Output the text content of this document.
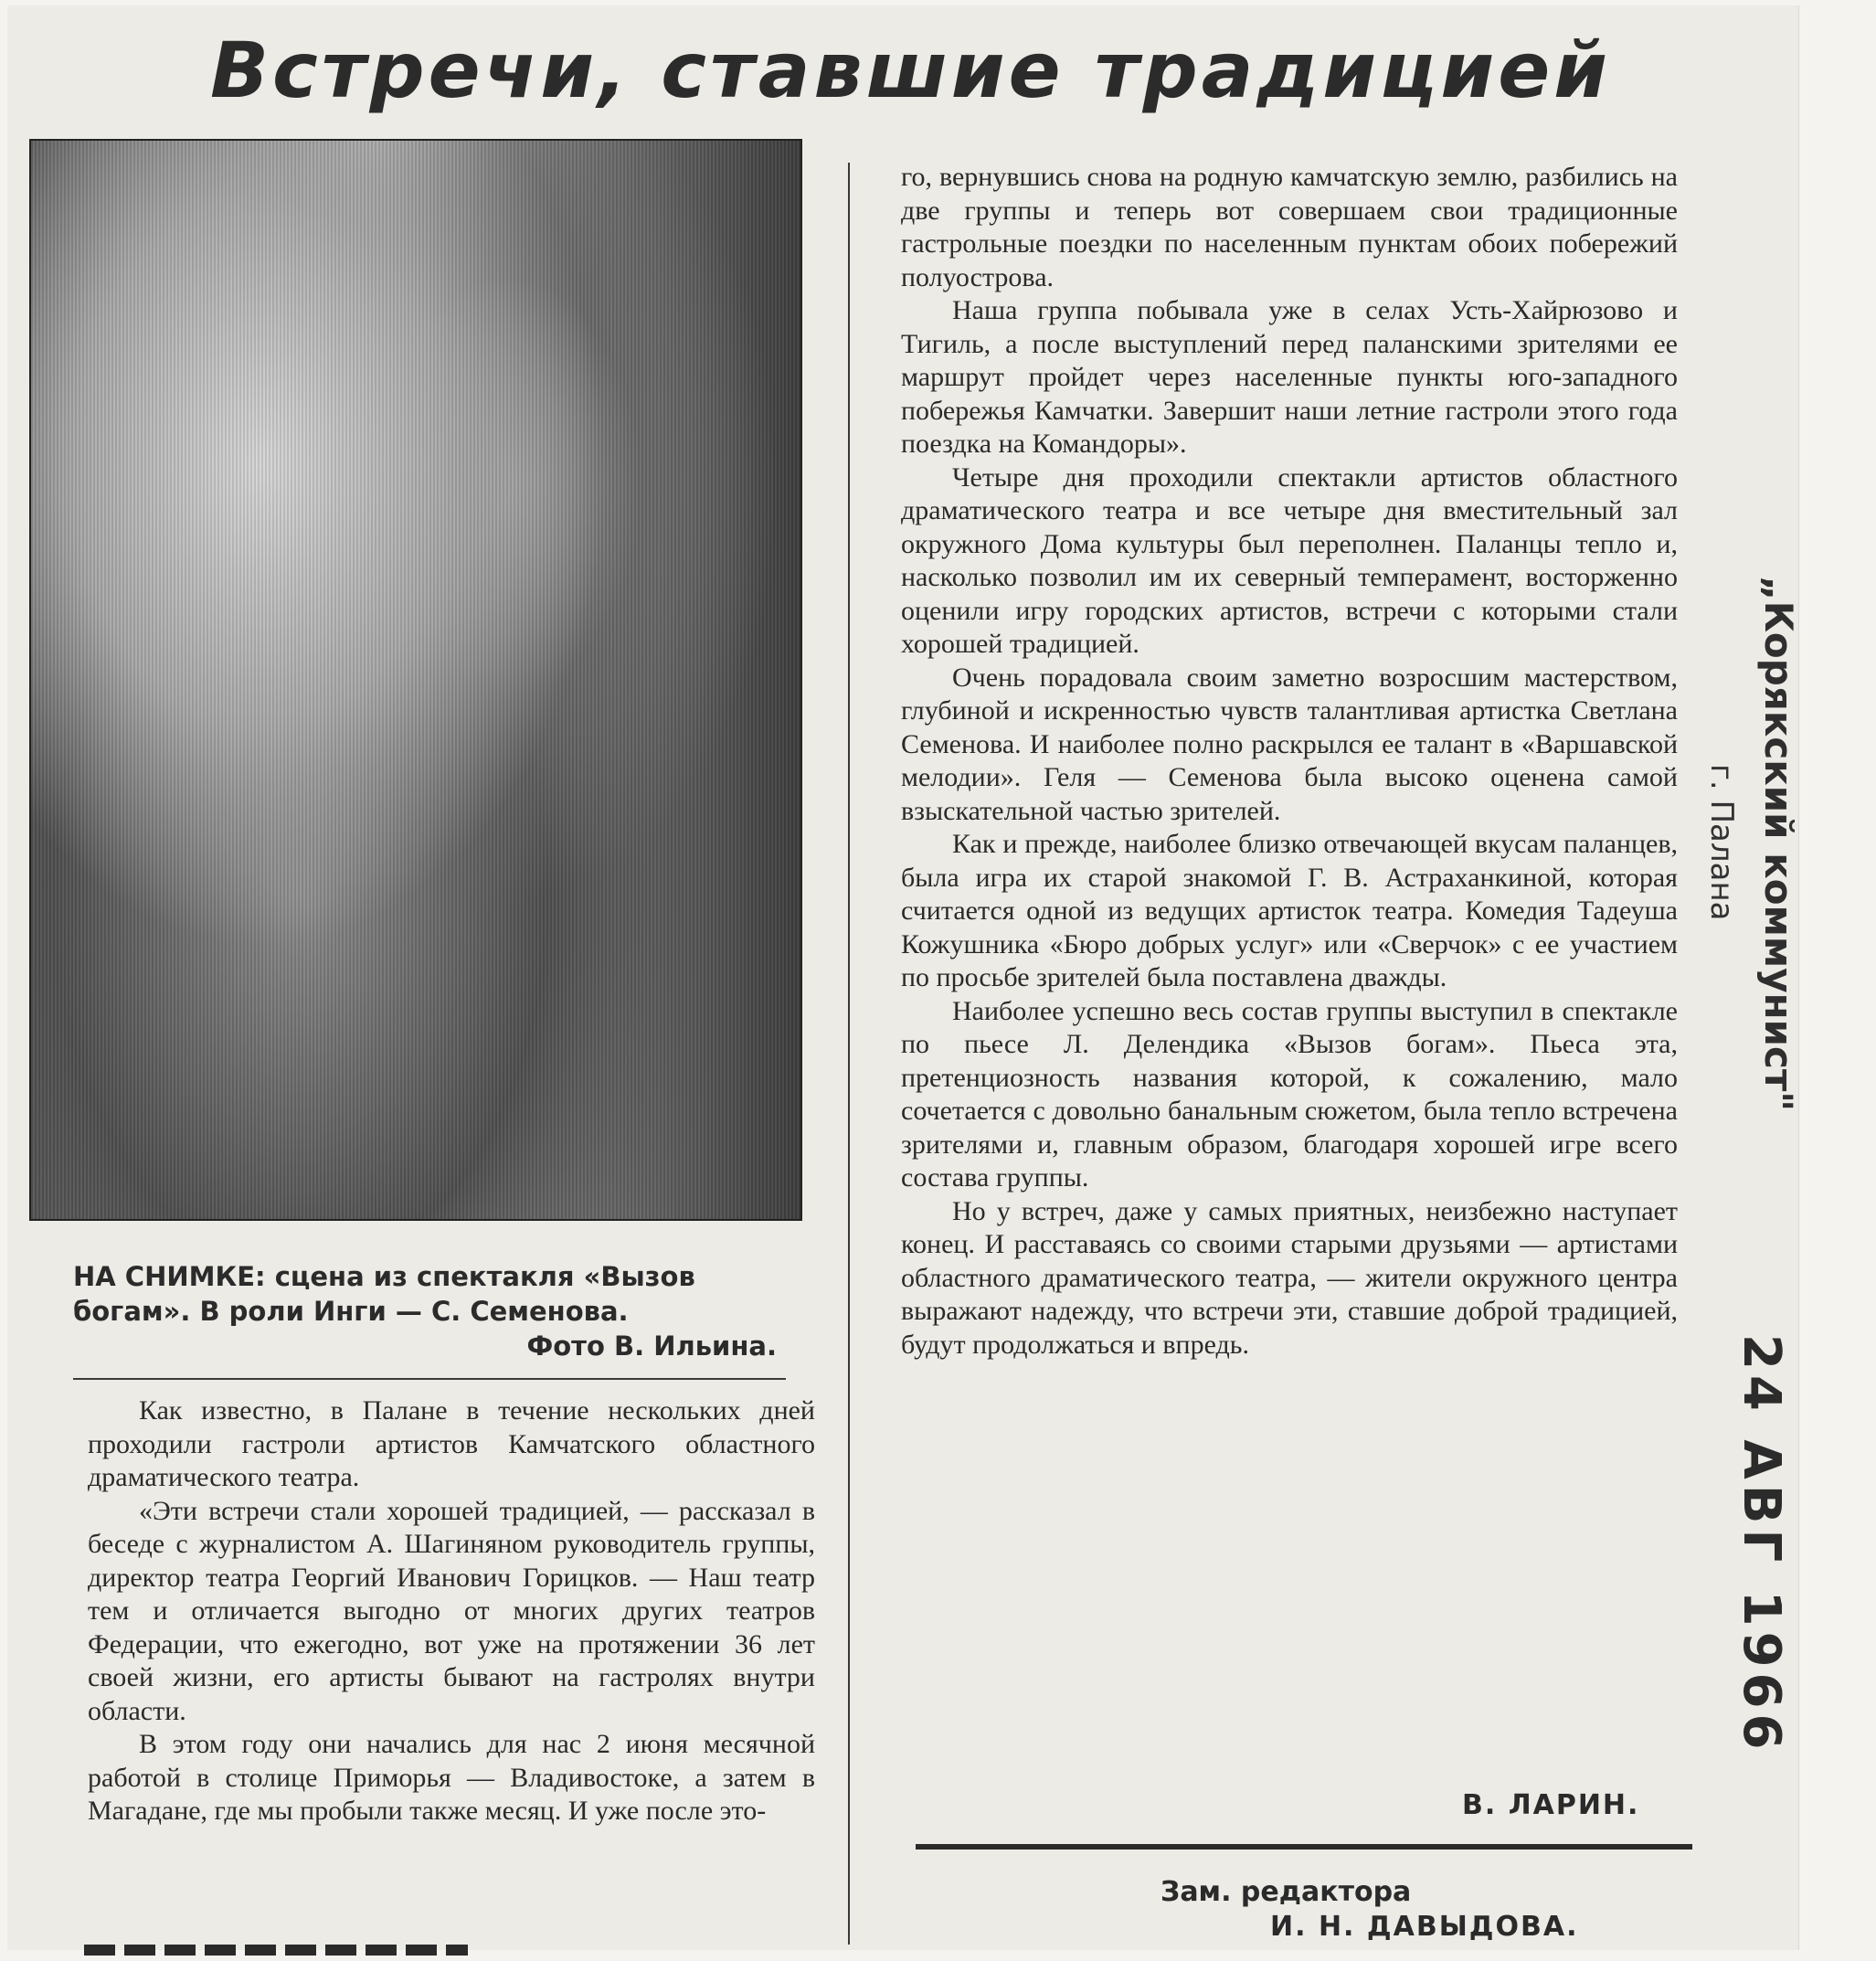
Встречи, ставшие традицией
НА СНИМКЕ: сцена из спектакля «Вызов
богам». В роли Инги — С. Семенова.
Фото В. Ильина.

Как известно, в Палане в течение нескольких дней проходили гастроли артистов Камчатского областного драматического театра.

«Эти встречи стали хорошей традицией, — рассказал в беседе с журналистом А. Шагиняном руководитель группы, директор театра Георгий Иванович Горицков. — Наш театр тем и отличается выгодно от многих других театров Федерации, что ежегодно, вот уже на протяжении 36 лет своей жизни, его артисты бывают на гастролях внутри области.

В этом году они начались для нас 2 июня месячной работой в столице Приморья — Владивостоке, а затем в Магадане, где мы пробыли также месяц. И уже после это-

го, вернувшись снова на родную камчатскую землю, разбились на две группы и теперь вот совершаем свои традиционные гастрольные поездки по населенным пунктам обоих побережий полуострова.

Наша группа побывала уже в селах Усть-Хайрюзово и Тигиль, а после выступлений перед паланскими зрителями ее маршрут пройдет через населенные пункты юго-западного побережья Камчатки. Завершит наши летние гастроли этого года поездка на Командоры».

Четыре дня проходили спектакли артистов областного драматического театра и все четыре дня вместительный зал окружного Дома культуры был переполнен. Паланцы тепло и, насколько позволил им их северный темперамент, восторженно оценили игру городских артистов, встречи с которыми стали хорошей традицией.

Очень порадовала своим заметно возросшим мастерством, глубиной и искренностью чувств талантливая артистка Светлана Семенова. И наиболее полно раскрылся ее талант в «Варшавской мелодии». Геля — Семенова была высоко оценена самой взыскательной частью зрителей.

Как и прежде, наиболее близко отвечающей вкусам паланцев, была игра их старой знакомой Г. В. Астраханкиной, которая считается одной из ведущих артисток театра. Комедия Тадеуша Кожушника «Бюро добрых услуг» или «Сверчок» с ее участием по просьбе зрителей была поставлена дважды.

Наиболее успешно весь состав группы выступил в спектакле по пьесе Л. Делендика «Вызов богам». Пьеса эта, претенциозность названия которой, к сожалению, мало сочетается с довольно банальным сюжетом, была тепло встречена зрителями и, главным образом, благодаря хорошей игре всего состава группы.

Но у встреч, даже у самых приятных, неизбежно наступает конец. И расставаясь со своими старыми друзьями — артистами областного драматического театра, — жители окружного центра выражают надежду, что встречи эти, ставшие доброй традицией, будут продолжаться и впредь.

В. ЛАРИН.
Зам. редактора
И. Н. ДАВЫДОВА.
„Корякский коммунист"
г. Палана
24 АВГ 1966
